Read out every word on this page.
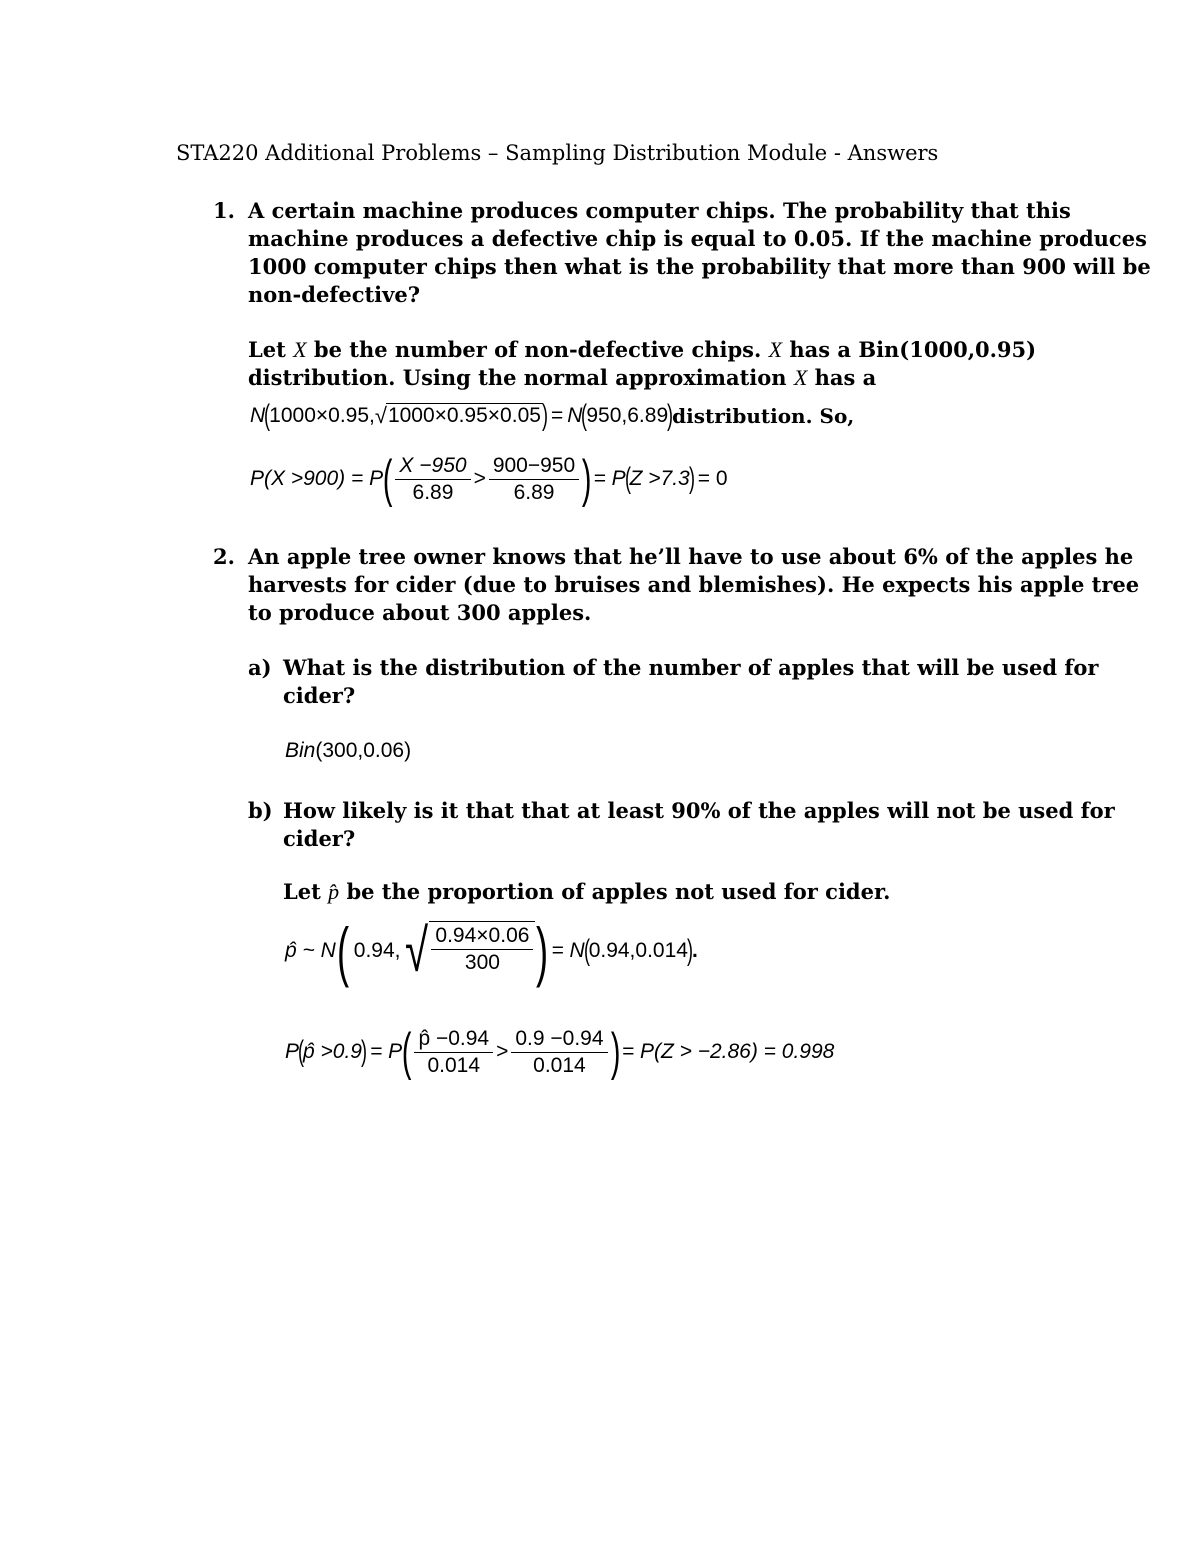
STA220 Additional Problems – Sampling Distribution Module - Answers
1. A certain machine produces computer chips. The probability that this
machine produces a defective chip is equal to 0.05. If the machine produces
1000 computer chips then what is the probability that more than 900 will be
non-defective?
Let X be the number of non-defective chips. X has a Bin(1000,0.95)
distribution. Using the normal approximation X has a
N ( 1000×0.95, √ 1000×0.95×0.05 ) = N ( 950,6.89 ) distribution. So,
P(X >900) = P ( $\frac{X -950}{6.89} > \frac{900-950}{6.89}$ ) = P ( Z >7.3 ) = 0
2. An apple tree owner knows that he’ll have to use about 6% of the apples he
harvests for cider (due to bruises and blemishes). He expects his apple tree
to produce about 300 apples.
a) What is the distribution of the number of apples that will be used for
cider?
Bin (300,0.06)
b) How likely is it that that at least 90% of the apples will not be used for
cider?
Let p̂ be the proportion of apples not used for cider.
p̂ ~ N ( 0.94, √ $\frac{0.94\times 0.06}{300}$ ) = N ( 0.94,0.014 ) .
P ( p̂ >0.9 ) = P ( $\frac{p̂ -0.94}{0.014} > \frac{0.9 -0.94}{0.014}$ ) = P(Z > −2.86) = 0.998
